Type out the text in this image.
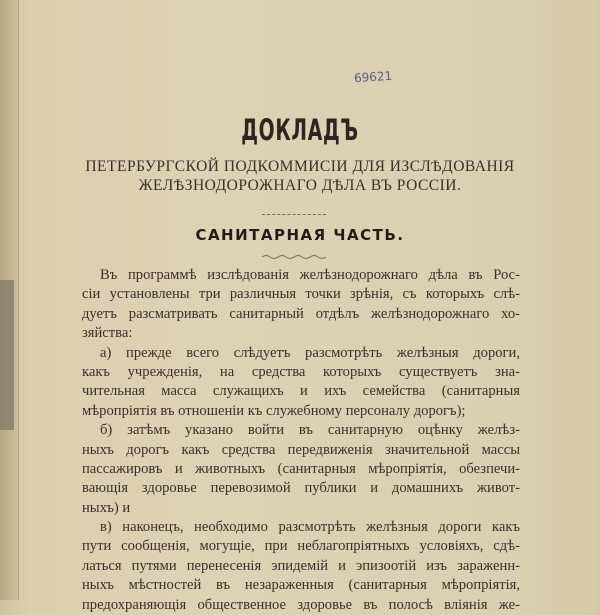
69621
ДОКЛАДЪ
ПЕТЕРБУРГСКОЙ ПОДКОММИСІИ ДЛЯ ИЗСЛѢДОВАНІЯ
ЖЕЛѢЗНОДОРОЖНАГО ДѢЛА ВЪ РОССІИ.
САНИТАРНАЯ ЧАСТЬ.
Въ программѣ изслѣдованія желѣзнодорожнаго дѣла въ Рос-
сіи установлены три различныя точки зрѣнія, съ которыхъ слѣ-
дуетъ разсматривать санитарный отдѣлъ желѣзнодорожнаго хо-
зяйства:
а) прежде всего слѣдуетъ разсмотрѣть желѣзныя дороги,
какъ учрежденія, на средства которыхъ существуетъ зна-
чительная масса служащихъ и ихъ семейства (санитарныя
мѣропріятія въ отношеніи къ служебному персоналу дорогъ);
б) затѣмъ указано войти въ санитарную оцѣнку желѣз-
ныхъ дорогъ какъ средства передвиженія значительной массы
пассажировъ и животныхъ (санитарныя мѣропріятія, обезпечи-
вающія здоровье перевозимой публики и домашнихъ живот-
ныхъ) и
в) наконецъ, необходимо разсмотрѣть желѣзныя дороги какъ
пути сообщенія, могущіе, при неблагопріятныхъ условіяхъ, сдѣ-
латься путями перенесенія эпидемій и эпизоотій изъ зараженн-
ныхъ мѣстностей въ незараженныя (санитарныя мѣропріятія,
предохраняющія общественное здоровье въ полосѣ вліянія же-
